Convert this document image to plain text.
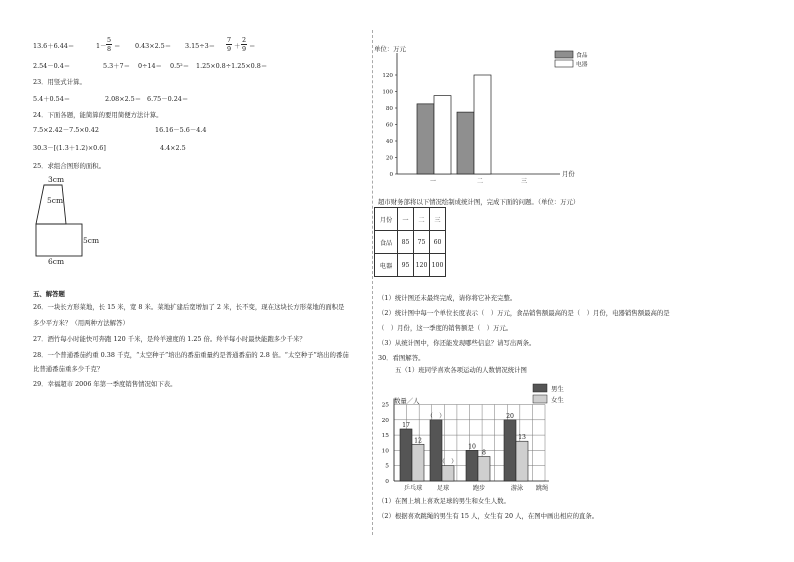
13.6＋6.44＝	$1- \frac{5}{8} = 0.43\times 2.5= 3.15\div 3= \frac{7}{9} + \frac{2}{9}$ ＝
2.54－0.4＝	5.3＋7＝ 0÷14＝ 0.5²＝ 1.25×0.8÷1.25×0.8＝
23．用竖式计算。
5.4＋0.54＝	2.08×2.5＝ 6.75－0.24＝
24．下面各题，能简算的要用简便方法计算。
7.5×2.42－7.5×0.42	16.16－5.6－4.4
30.3－[(1.3＋1.2)×0.6]	4.4×2.5
25．求组合图形的面积。
3cm
5cm
5cm
6cm
五、解答题
26．一块长方形菜地，长 15 米，宽 8 米。菜地扩建后宽增加了 2 米，长不变，现在这块长方形菜地的面积是
多少平方米？（用两种方法解答）
27．酒竹每小时能快可奔跑 120 千米，是羚羊速度的 1.25 倍。羚羊每小时最快能跑多少千米？
28．一个普通番茄约重 0.38 千克，“太空种子”培出的番茄重量约是普通番茄的 2.8 倍。“太空种子”培出的番茄
比普通番茄重多少千克？
29．幸福超市 2006 年第一季度销售情况如下表。
单位：万元
月份
0
20
40
60
80
100
120
一	二	三
食品
电器
超市财务部将以下情况绘制成统计图，完成下面的问题。（单位：万元）
月份	一	二	三
食品	85	75	60
电器	95	120	100
（1）统计图还未最终完成，请你将它补充完整。
（2）统计图中每一个单位长度表示（　）万元，食品销售额最高的是（　）月份，电器销售额最高的是
（　）月份，这一季度的销售额是（　）万元。
（3）从统计图中，你还能发现哪些信息？请写出两条。
30．看图解答。
五（1）班同学喜欢各项运动的人数情况统计图
数量／人
男生
女生
0
5
10
15
20
25
17
12
（　）
（　）
10
8
20
13
乒乓球 足球	跑步	游泳 跳绳
（1）在图上填上喜欢足球的男生和女生人数。
（2）根据喜欢跳绳的男生有 15 人，女生有 20 人，在图中画出相应的直条。
